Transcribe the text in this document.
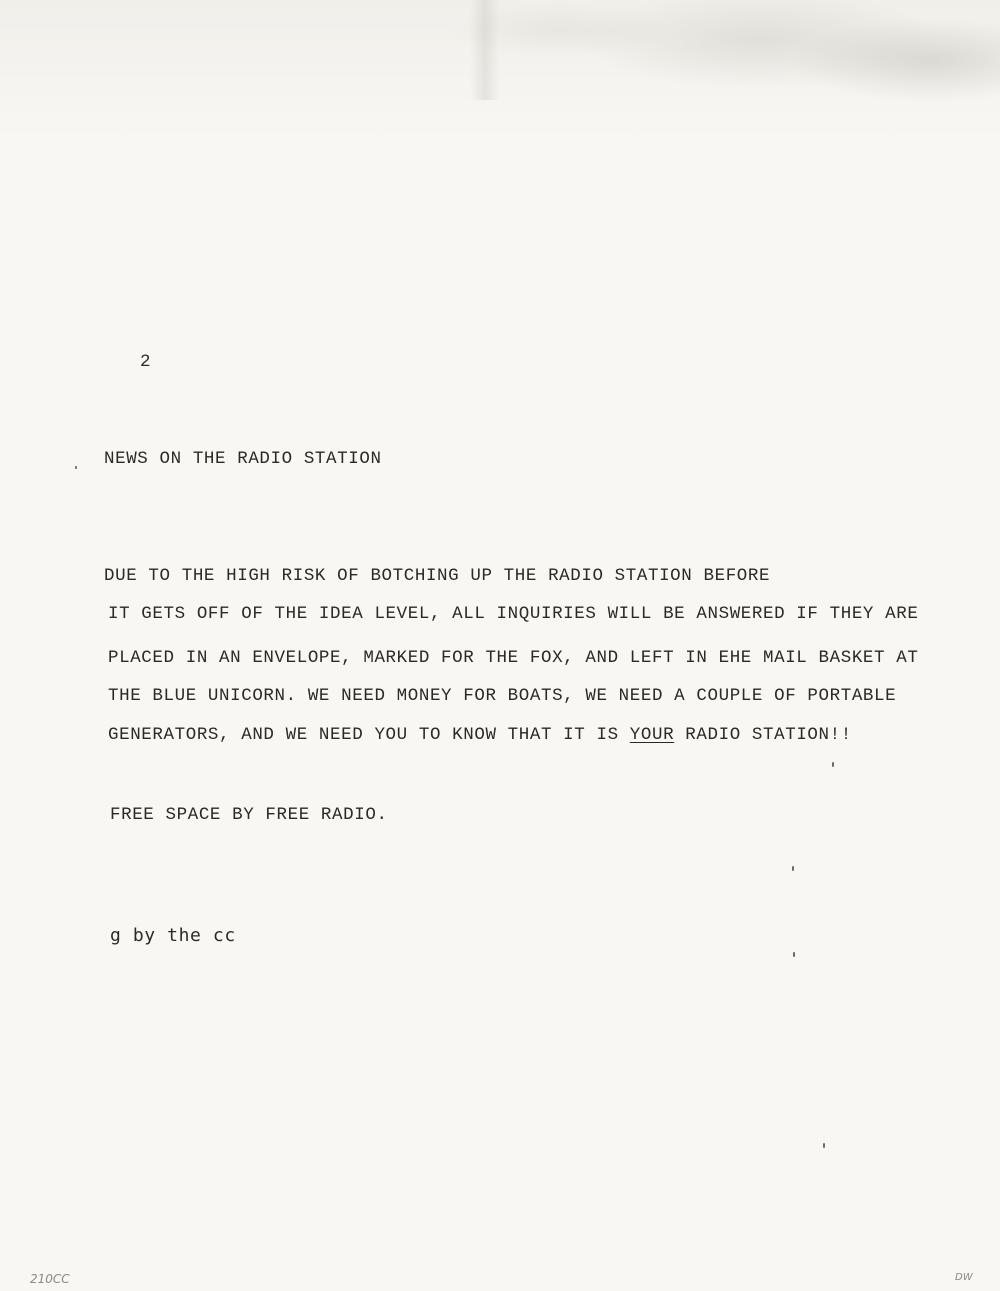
2
NEWS ON THE RADIO STATION
DUE TO THE HIGH RISK OF BOTCHING UP THE RADIO STATION BEFORE
IT GETS OFF OF THE IDEA LEVEL, ALL INQUIRIES WILL BE ANSWERED IF THEY ARE
PLACED IN AN ENVELOPE, MARKED FOR THE FOX, AND LEFT IN ЕHE MAIL BASKET AT
THE BLUE UNICORN. WE NEED MONEY FOR BOATS, WE NEED A COUPLE OF PORTABLE
GENERATORS, AND WE NEED YOU TO KNOW THAT IT IS YOUR RADIO STATION!!
FREE SPACE BY FREE RADIO.
g by the cc
210CC	DW
